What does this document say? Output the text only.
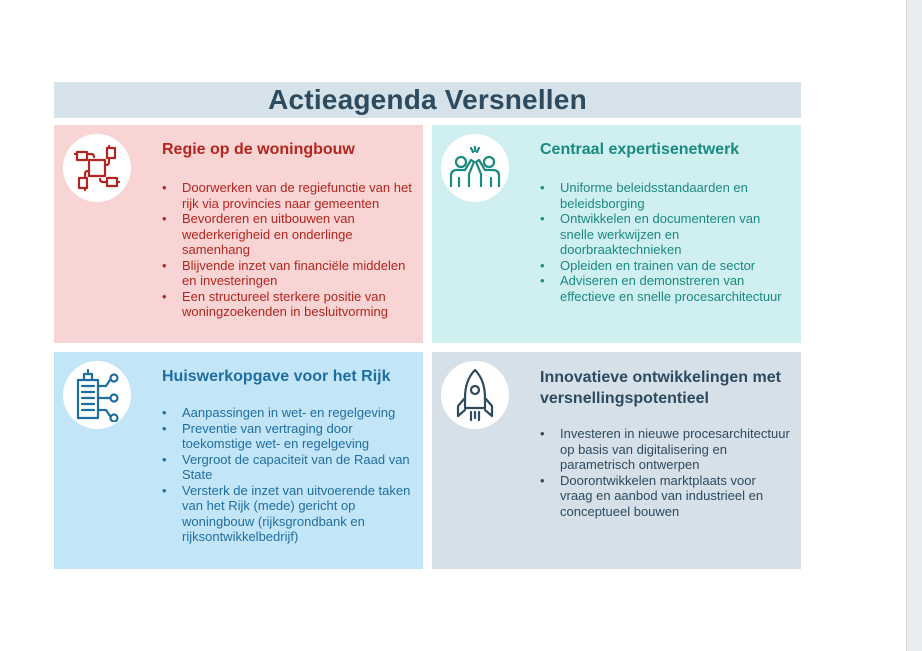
Actieagenda Versnellen
Regie op de woningbouw
• Doorwerken van de regiefunctie van het rijk via provincies naar gemeenten
• Bevorderen en uitbouwen van wederkerigheid en onderlinge samenhang
• Blijvende inzet van financiële middelen en investeringen
• Een structureel sterkere positie van woningzoekenden in besluitvorming
Centraal expertisenetwerk
• Uniforme beleidsstandaarden en beleidsborging
• Ontwikkelen en documenteren van snelle werkwijzen en doorbraaktechnieken
• Opleiden en trainen van de sector
• Adviseren en demonstreren van effectieve en snelle procesarchitectuur
Huiswerkopgave voor het Rijk
• Aanpassingen in wet- en regelgeving
• Preventie van vertraging door toekomstige wet- en regelgeving
• Vergroot de capaciteit van de Raad van State
• Versterk de inzet van uitvoerende taken van het Rijk (mede) gericht op woningbouw (rijksgrondbank en rijksontwikkelbedrijf)
Innovatieve ontwikkelingen met versnellingspotentieel
• Investeren in nieuwe procesarchitectuur op basis van digitalisering en parametrisch ontwerpen
• Doorontwikkelen marktplaats voor vraag en aanbod van industrieel en conceptueel bouwen
